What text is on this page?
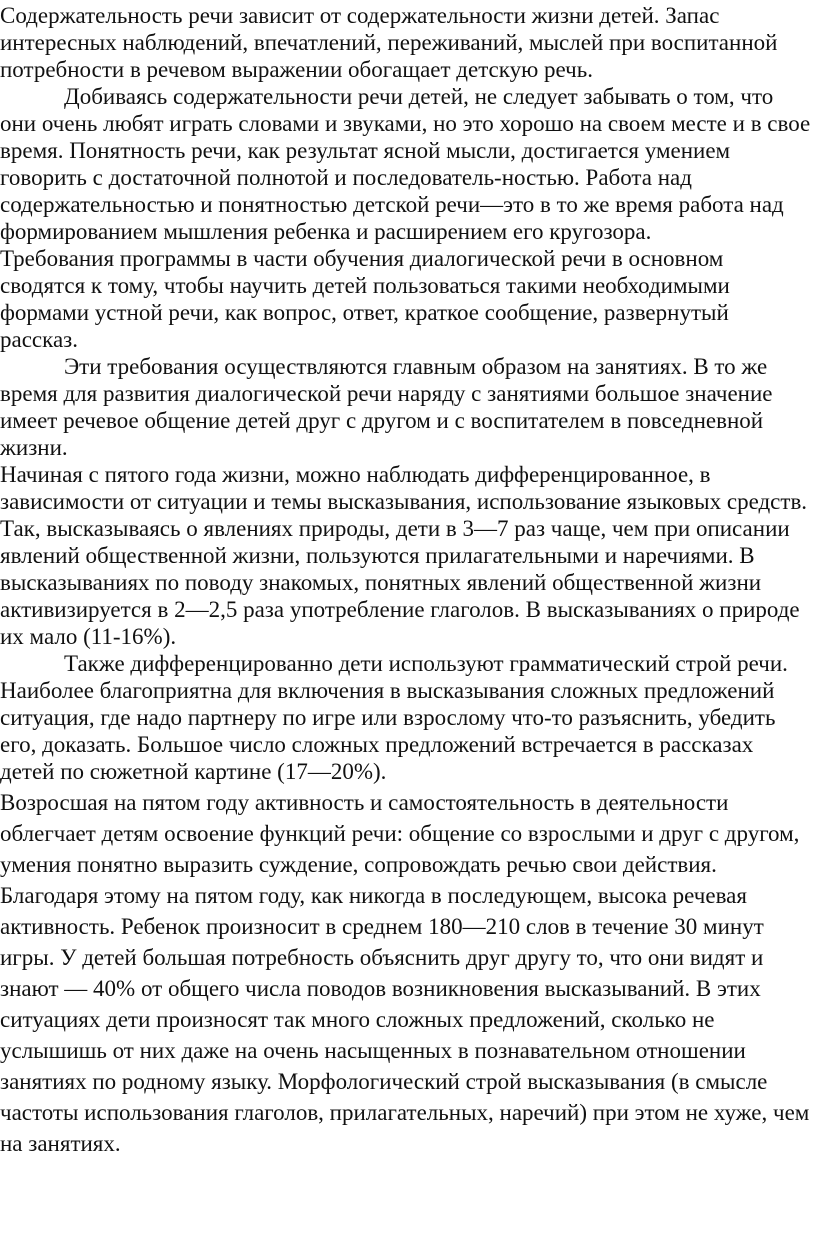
Содержательность речи зависит от содержательности жизни детей. Запас интересных наблюдений, впечатлений, переживаний, мыслей при воспитанной потребности в речевом выражении обогащает детскую речь.

Добиваясь содержательности речи детей, не следует забывать о том, что они очень любят играть словами и звуками, но это хорошо на своем месте и в свое время. Понятность речи, как результат ясной мысли, достигается умением говорить с достаточной полнотой и последователь-ностью. Работа над содержательностью и понятностью детской речи—это в то же время работа над формированием мышления ребенка и расширением его кругозора.

Требования программы в части обучения диалогической речи в основном сводятся к тому, чтобы научить детей пользоваться такими необходимыми формами устной речи, как вопрос, ответ, краткое сообщение, развернутый рассказ.

Эти требования осуществляются главным образом на занятиях. В то же время для развития диалогической речи наряду с занятиями большое значение имеет речевое общение детей друг с другом и с воспитателем в повседневной жизни.

Начиная с пятого года жизни, можно наблюдать дифференцированное, в зависимости от ситуации и темы высказывания, использование языковых средств. Так, высказываясь о явлениях природы, дети в 3—7 раз чаще, чем при описании явлений общественной жизни, пользуются прилагательными и наречиями. В высказываниях по поводу знакомых, понятных явлений общественной жизни активизируется в 2—2,5 раза употребление глаголов. В высказываниях о природе их мало (11-16%).

Также дифференцированно дети используют грамматический строй речи. Наиболее благоприятна для включения в высказывания сложных предложений ситуация, где надо партнеру по игре или взрослому что-то разъяснить, убедить его, доказать. Большое число сложных предложений встречается в рассказах детей по сюжетной картине (17—20%).

Возросшая на пятом году активность и самостоятельность в деятельности облегчает детям освоение функций речи: общение со взрослыми и друг с другом, умения понятно выразить суждение, сопровождать речью свои действия. Благодаря этому на пятом году, как никогда в последующем, высока речевая активность. Ребенок произносит в среднем 180—210 слов в течение 30 минут игры. У детей большая потребность объяснить друг другу то, что они видят и знают — 40% от общего числа поводов возникновения высказываний. В этих ситуациях дети произносят так много сложных предложений, сколько не услышишь от них даже на очень насыщенных в познавательном отношении занятиях по родному языку. Морфологический строй высказывания (в смысле частоты использования глаголов, прилагательных, наречий) при этом не хуже, чем на занятиях.
